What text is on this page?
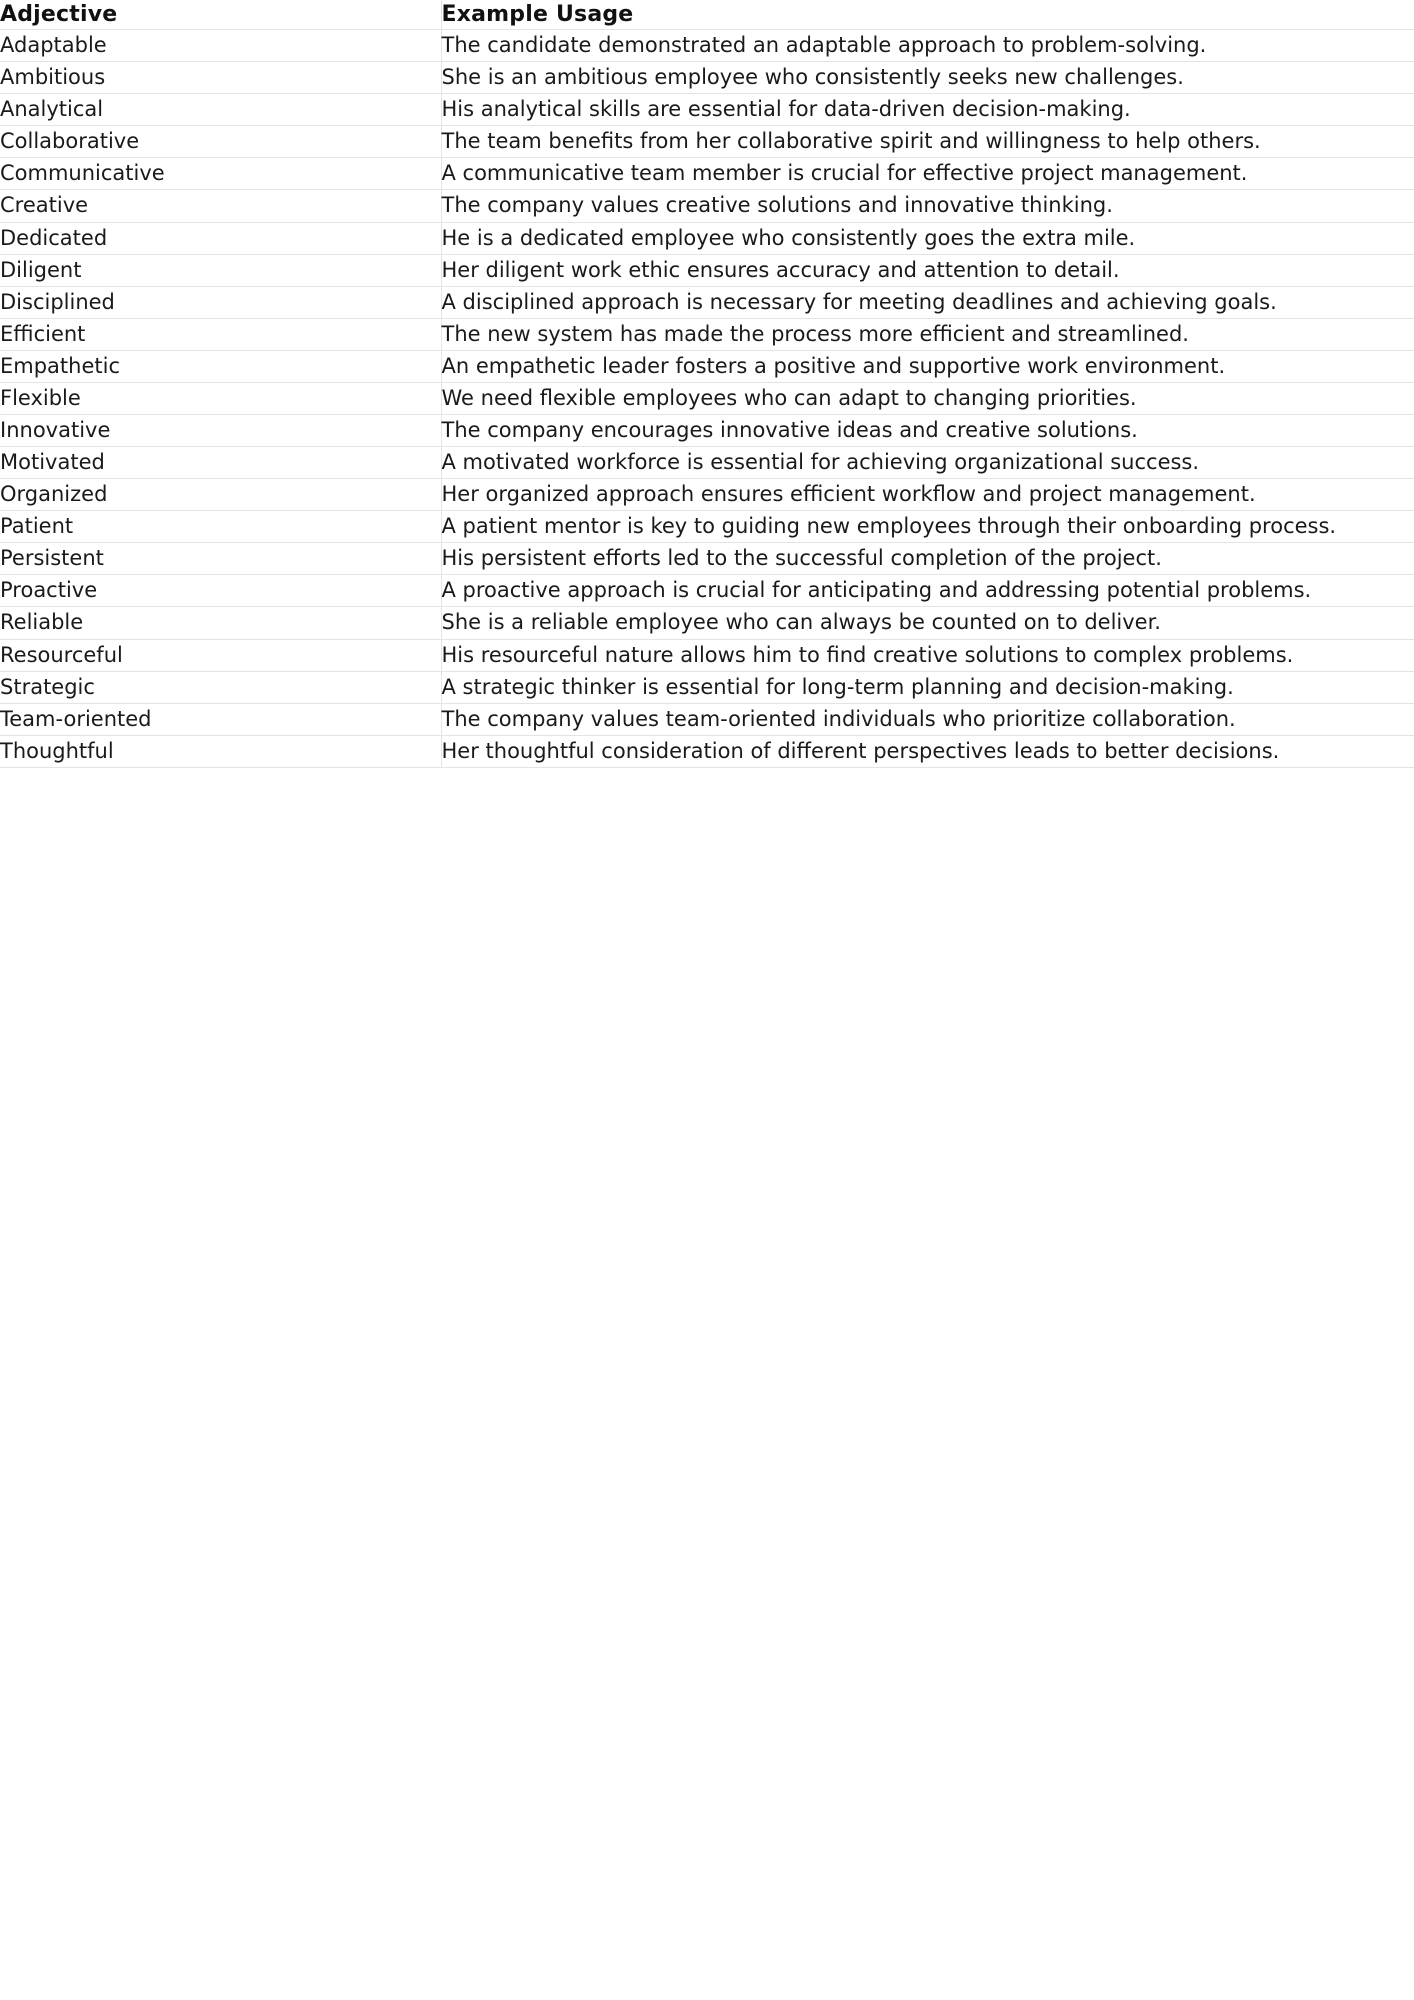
Adjective	Example Usage
Adaptable	The candidate demonstrated an adaptable approach to problem-solving.
Ambitious	She is an ambitious employee who consistently seeks new challenges.
Analytical	His analytical skills are essential for data-driven decision-making.
Collaborative	The team benefits from her collaborative spirit and willingness to help others.
Communicative	A communicative team member is crucial for effective project management.
Creative	The company values creative solutions and innovative thinking.
Dedicated	He is a dedicated employee who consistently goes the extra mile.
Diligent	Her diligent work ethic ensures accuracy and attention to detail.
Disciplined	A disciplined approach is necessary for meeting deadlines and achieving goals.
Efficient	The new system has made the process more efficient and streamlined.
Empathetic	An empathetic leader fosters a positive and supportive work environment.
Flexible	We need flexible employees who can adapt to changing priorities.
Innovative	The company encourages innovative ideas and creative solutions.
Motivated	A motivated workforce is essential for achieving organizational success.
Organized	Her organized approach ensures efficient workflow and project management.
Patient	A patient mentor is key to guiding new employees through their onboarding process.
Persistent	His persistent efforts led to the successful completion of the project.
Proactive	A proactive approach is crucial for anticipating and addressing potential problems.
Reliable	She is a reliable employee who can always be counted on to deliver.
Resourceful	His resourceful nature allows him to find creative solutions to complex problems.
Strategic	A strategic thinker is essential for long-term planning and decision-making.
Team-oriented	The company values team-oriented individuals who prioritize collaboration.
Thoughtful	Her thoughtful consideration of different perspectives leads to better decisions.
